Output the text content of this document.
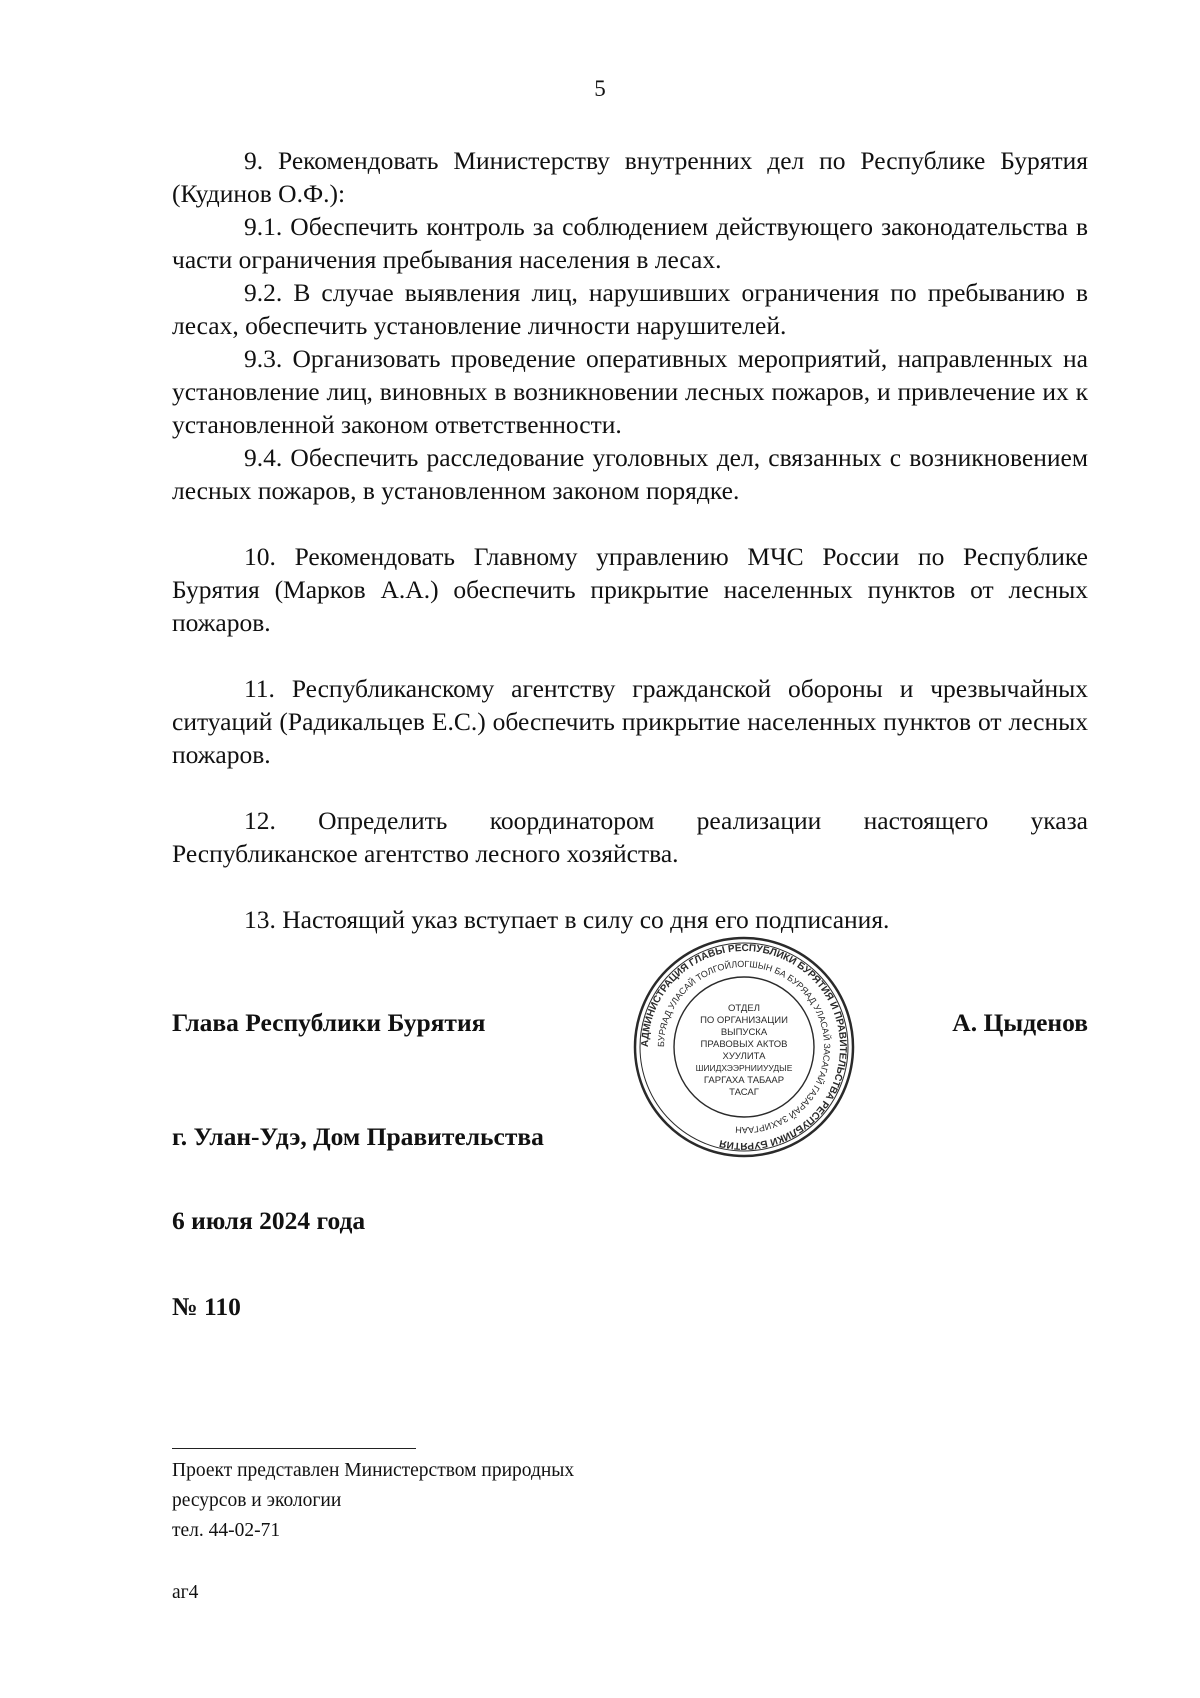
5

9. Рекомендовать Министерству внутренних дел по Республике Бурятия (Кудинов О.Ф.):

9.1. Обеспечить контроль за соблюдением действующего законодательства в части ограничения пребывания населения в лесах.

9.2. В случае выявления лиц, нарушивших ограничения по пребыванию в лесах, обеспечить установление личности нарушителей.

9.3. Организовать проведение оперативных мероприятий, направленных на установление лиц, виновных в возникновении лесных пожаров, и привлечение их к установленной законом ответственности.

9.4. Обеспечить расследование уголовных дел, связанных с возникновением лесных пожаров, в установленном законом порядке.

10. Рекомендовать Главному управлению МЧС России по Республике Бурятия (Марков А.А.) обеспечить прикрытие населенных пунктов от лесных пожаров.

11. Республиканскому агентству гражданской обороны и чрезвычайных ситуаций (Радикальцев Е.С.) обеспечить прикрытие населенных пунктов от лесных пожаров.

12. Определить координатором реализации настоящего указа Республиканское агентство лесного хозяйства.

13. Настоящий указ вступает в силу со дня его подписания.

Глава Республики Бурятия
АДМИНИСТРАЦИЯ ГЛАВЫ РЕСПУБЛИКИ БУРЯТИЯ И ПРАВИТЕЛЬСТВА РЕСПУБЛИКИ БУРЯТИЯ
БУРЯАД УЛАСАЙ ТОЛГОЙЛОГШЫН БА БУРЯАД УЛАСАЙ ЗАСАГАЙ ГАЗАРАЙ ЗАХИРГААН
ОТДЕЛ
ПО ОРГАНИЗАЦИИ
ВЫПУСКА
ПРАВОВЫХ АКТОВ
ХУУЛИТА
ШИИДХЭЭРНИИУУДЫЕ
ГАРГАХА ТАБААР
ТАСАГ
А. Цыденов
г. Улан-Удэ, Дом Правительства
6 июля 2024 года
№ 110
Проект представлен Министерством природных
ресурсов и экологии
тел. 44-02-71
аг4
